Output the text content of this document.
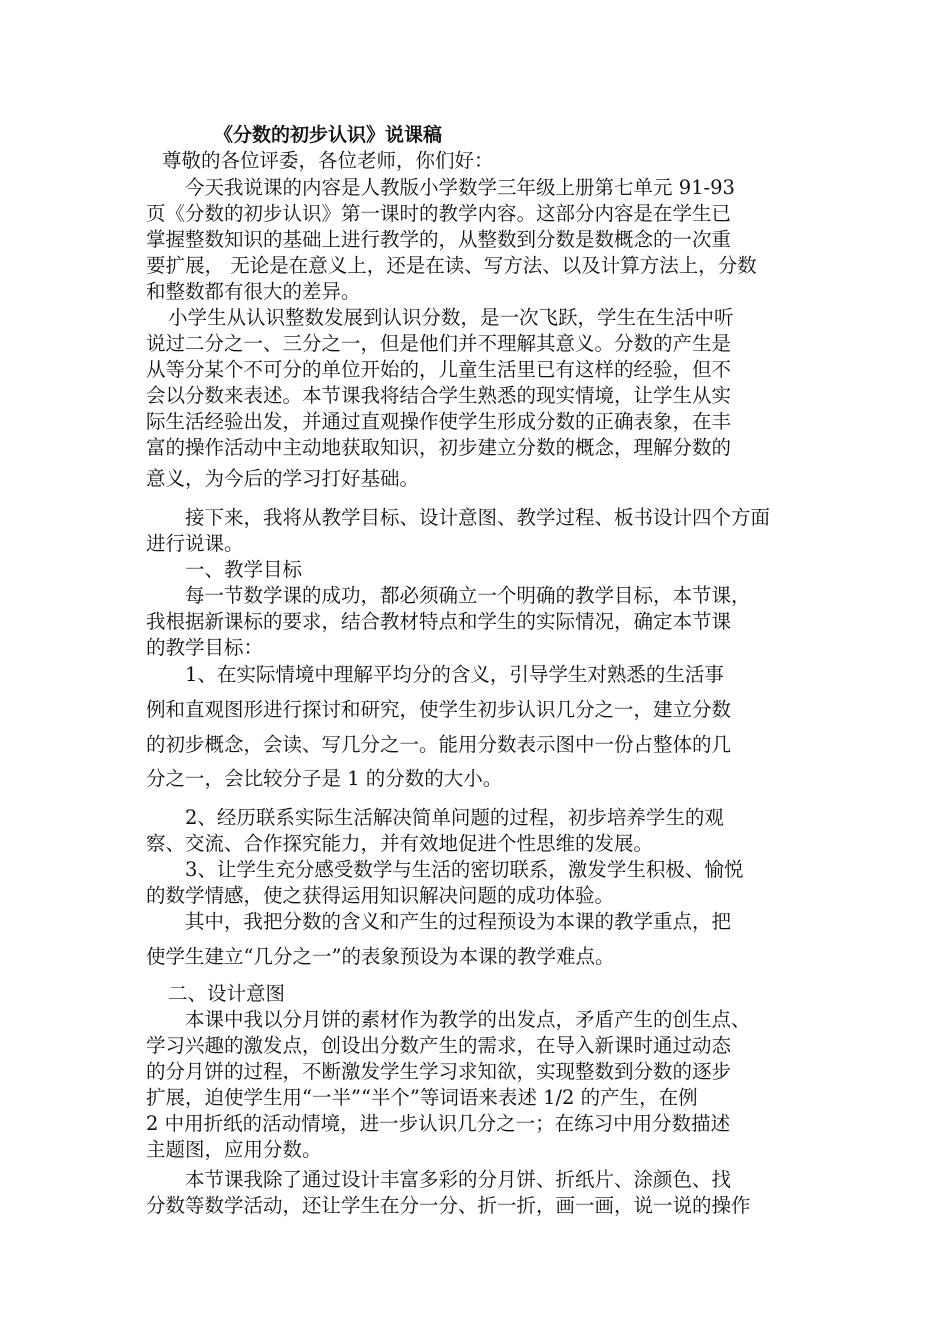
《分数的初步认识》说课稿
尊敬的各位评委，各位老师，你们好：
今天我说课的内容是人教版小学数学三年级上册第七单元 91-93
页《分数的初步认识》第一课时的教学内容。这部分内容是在学生已
掌握整数知识的基础上进行教学的，从整数到分数是数概念的一次重
要扩展， 无论是在意义上，还是在读、写方法、以及计算方法上，分数
和整数都有很大的差异。
小学生从认识整数发展到认识分数，是一次飞跃，学生在生活中听
说过二分之一、三分之一，但是他们并不理解其意义。分数的产生是
从等分某个不可分的单位开始的，儿童生活里已有这样的经验，但不
会以分数来表述。本节课我将结合学生熟悉的现实情境，让学生从实
际生活经验出发，并通过直观操作使学生形成分数的正确表象，在丰
富的操作活动中主动地获取知识，初步建立分数的概念，理解分数的
意义，为今后的学习打好基础。
接下来，我将从教学目标、设计意图、教学过程、板书设计四个方面
进行说课。
一、教学目标
每一节数学课的成功，都必须确立一个明确的教学目标，本节课，
我根据新课标的要求，结合教材特点和学生的实际情况，确定本节课
的教学目标：
1、在实际情境中理解平均分的含义，引导学生对熟悉的生活事
例和直观图形进行探讨和研究，使学生初步认识几分之一，建立分数
的初步概念，会读、写几分之一。能用分数表示图中一份占整体的几
分之一，会比较分子是 1 的分数的大小。
2、经历联系实际生活解决简单问题的过程，初步培养学生的观
察、交流、合作探究能力，并有效地促进个性思维的发展。
3、让学生充分感受数学与生活的密切联系，激发学生积极、愉悦
的数学情感，使之获得运用知识解决问题的成功体验。
其中，我把分数的含义和产生的过程预设为本课的教学重点，把
使学生建立“几分之一”的表象预设为本课的教学难点。
二、设计意图
本课中我以分月饼的素材作为教学的出发点，矛盾产生的创生点、
学习兴趣的激发点，创设出分数产生的需求，在导入新课时通过动态
的分月饼的过程，不断激发学生学习求知欲，实现整数到分数的逐步
扩展，迫使学生用“一半”“半个”等词语来表述 1/2 的产生，在例
2 中用折纸的活动情境，进一步认识几分之一；在练习中用分数描述
主题图，应用分数。
本节课我除了通过设计丰富多彩的分月饼、折纸片、涂颜色、找
分数等数学活动，还让学生在分一分、折一折，画一画，说一说的操作
